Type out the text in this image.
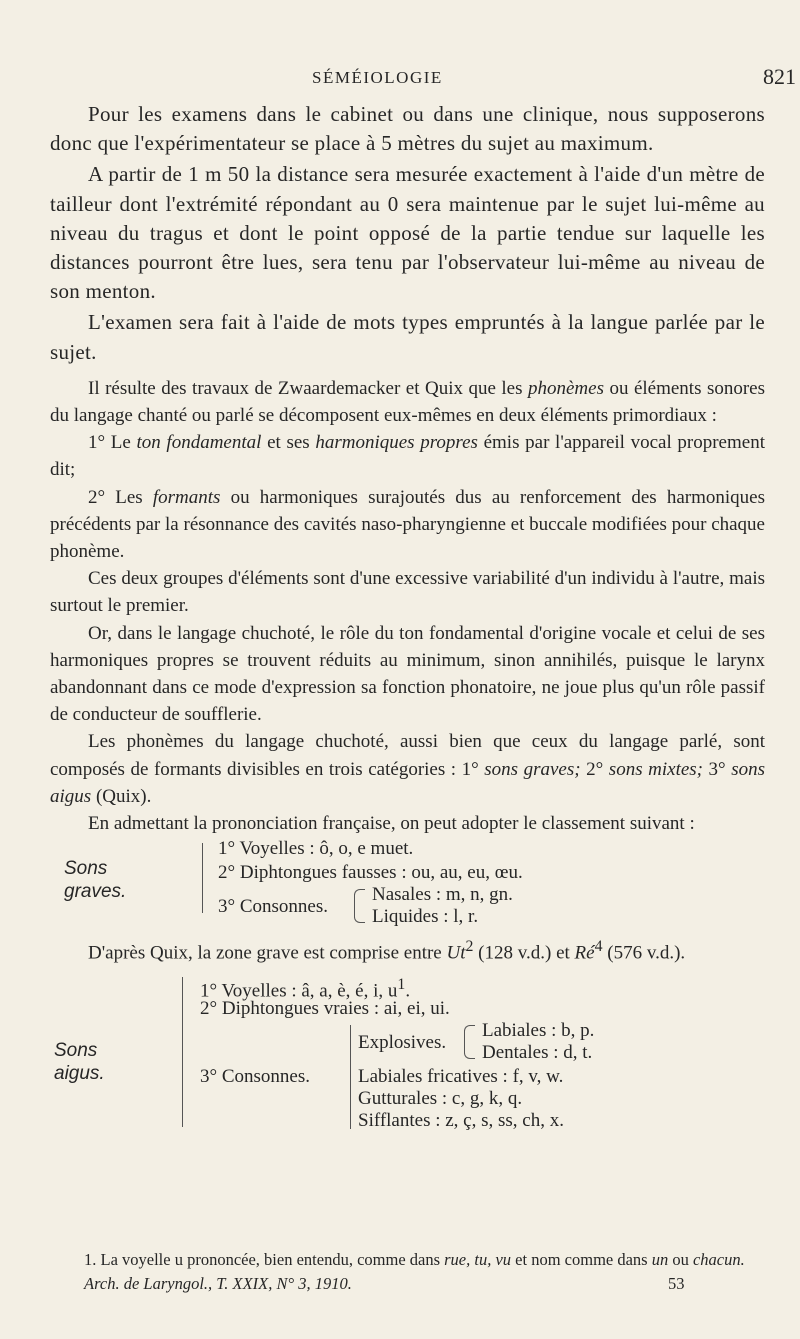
SÉMÉIOLOGIE	821

Pour les examens dans le cabinet ou dans une clinique, nous supposerons donc que l'expérimentateur se place à 5 mètres du sujet au maximum.

A partir de 1 m 50 la distance sera mesurée exactement à l'aide d'un mètre de tailleur dont l'extrémité répondant au 0 sera maintenue par le sujet lui-même au niveau du tragus et dont le point opposé de la partie tendue sur laquelle les distances pourront être lues, sera tenu par l'observateur lui-même au niveau de son menton.

L'examen sera fait à l'aide de mots types empruntés à la langue parlée par le sujet.

Il résulte des travaux de Zwaardemacker et Quix que les phonèmes ou éléments sonores du langage chanté ou parlé se décomposent eux-mêmes en deux éléments primordiaux :

1° Le ton fondamental et ses harmoniques propres émis par l'appareil vocal proprement dit;

2° Les formants ou harmoniques surajoutés dus au renforcement des harmoniques précédents par la résonnance des cavités naso-pharyngienne et buccale modifiées pour chaque phonème.

Ces deux groupes d'éléments sont d'une excessive variabilité d'un individu à l'autre, mais surtout le premier.

Or, dans le langage chuchoté, le rôle du ton fondamental d'origine vocale et celui de ses harmoniques propres se trouvent réduits au minimum, sinon annihilés, puisque le larynx abandonnant dans ce mode d'expression sa fonction phonatoire, ne joue plus qu'un rôle passif de conducteur de soufflerie.

Les phonèmes du langage chuchoté, aussi bien que ceux du langage parlé, sont composés de formants divisibles en trois catégories : 1° sons graves; 2° sons mixtes; 3° sons aigus (Quix).

En admettant la prononciation française, on peut adopter le classement suivant :

Sons
graves.
1° Voyelles : ô, o, e muet.
2° Diphtongues fausses : ou, au, eu, œu.
3° Consonnes.
Nasales : m, n, gn.
Liquides : l, r.

D'après Quix, la zone grave est comprise entre Ut$^2$ (128 v.d.) et $Ré^4$ (576 v.d.).

Sons
aigus.
1° Voyelles : â, a, è, é, i, $u^1$.
2° Diphtongues vraies : ai, ei, ui.
3° Consonnes.
Explosives.
Labiales : b, p.
Dentales : d, t.
Labiales fricatives : f, v, w.
Gutturales : c, g, k, q.
Sifflantes : z, ç, s, ss, ch, x.

1. La voyelle u prononcée, bien entendu, comme dans rue, tu, vu et nom comme dans un ou chacun.

Arch. de Laryngol., T. XXIX, N° 3, 1910.	53
